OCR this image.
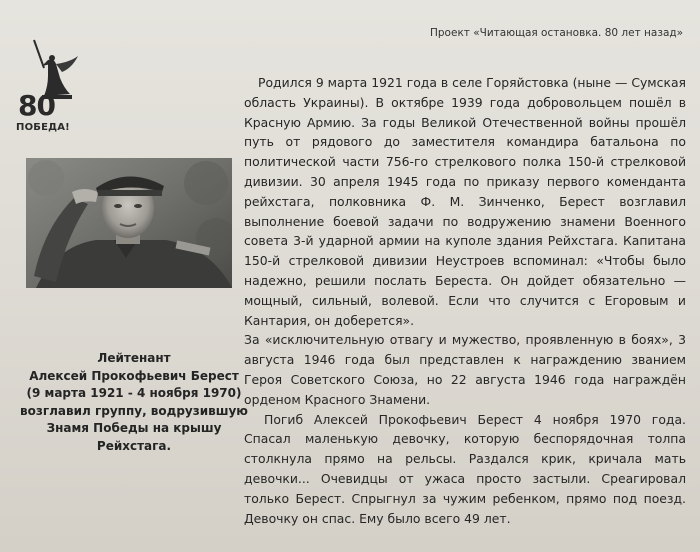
Проект «Читающая остановка. 80 лет назад»
80
ПОБЕДА!
Лейтенант
Алексей Прокофьевич Берест
(9 марта 1921 - 4 ноября 1970)
возглавил группу, водрузившую
Знамя Победы на крышу
Рейхстага.

Родился 9 марта 1921 года в селе Горяйстовка (ныне — Сумская область Украины). В октябре 1939 года добровольцем пошёл в Красную Армию. За годы Великой Отечественной войны прошёл путь от рядового до заместителя командира батальона по политической части 756-го стрелкового полка 150-й стрелковой дивизии. 30 апреля 1945 года по приказу первого коменданта рейхстага, полковника Ф. М. Зинченко, Берест возглавил выполнение боевой задачи по водружению знамени Военного совета 3-й ударной армии на куполе здания Рейхстага. Капитана 150-й стрелковой дивизии Неустроев вспоминал: «Чтобы было надежно, решили послать Береста. Он дойдет обязательно — мощный, сильный, волевой. Если что случится с Егоровым и Кантария, он доберется».

За «исключительную отвагу и мужество, проявленную в боях», 3 августа 1946 года был представлен к награждению званием Героя Советского Союза, но 22 августа 1946 года награждён орденом Красного Знамени.

Погиб Алексей Прокофьевич Берест 4 ноября 1970 года. Спасал маленькую девочку, которую беспорядочная толпа столкнула прямо на рельсы. Раздался крик, кричала мать девочки... Очевидцы от ужаса просто застыли. Среагировал только Берест. Спрыгнул за чужим ребенком, прямо под поезд. Девочку он спас. Ему было всего 49 лет.
